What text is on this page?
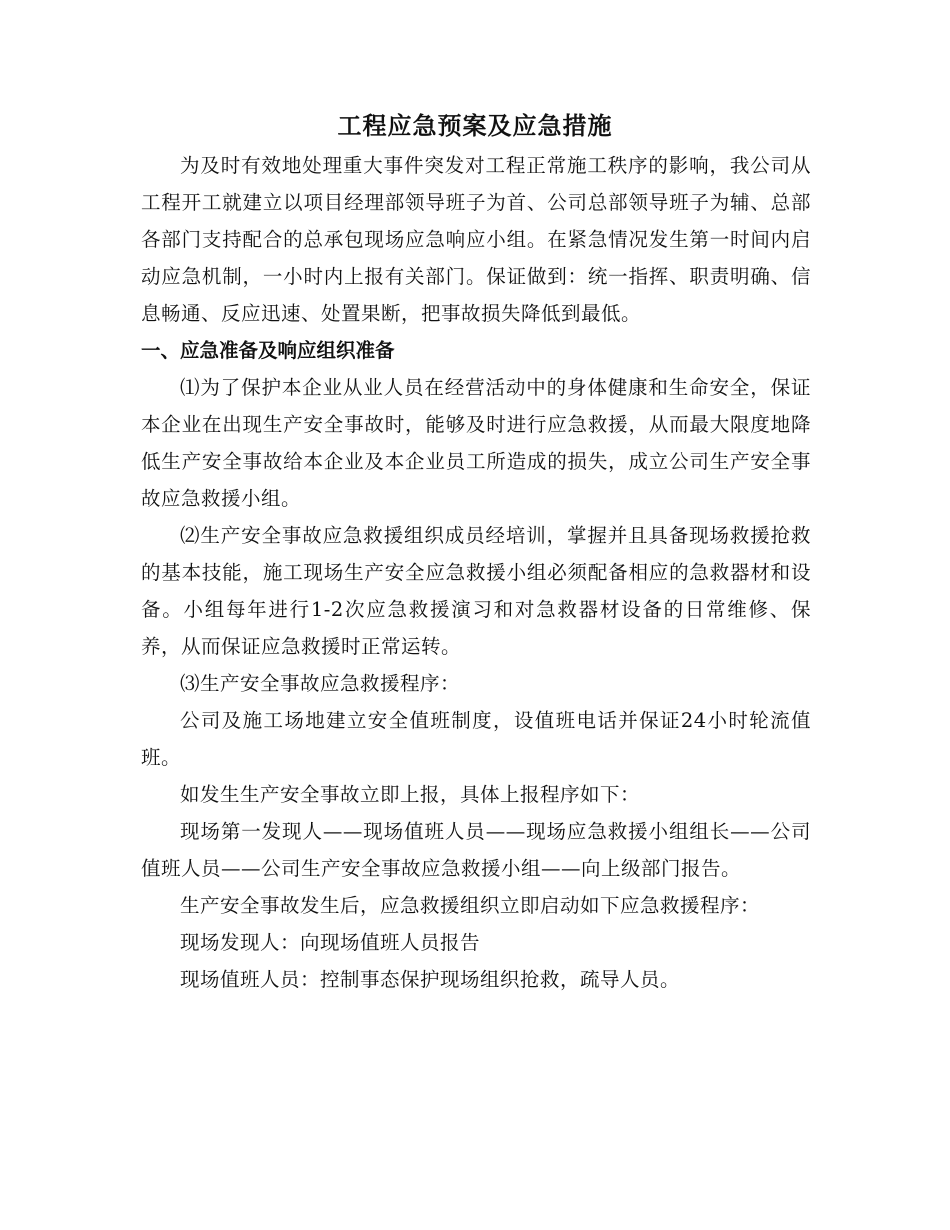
工程应急预案及应急措施

为及时有效地处理重大事件突发对工程正常施工秩序的影响，我公司从工程开工就建立以项目经理部领导班子为首、公司总部领导班子为辅、总部各部门支持配合的总承包现场应急响应小组。在紧急情况发生第一时间内启动应急机制，一小时内上报有关部门。保证做到：统一指挥、职责明确、信息畅通、反应迅速、处置果断，把事故损失降低到最低。

一、应急准备及响应组织准备

⑴为了保护本企业从业人员在经营活动中的身体健康和生命安全，保证本企业在出现生产安全事故时，能够及时进行应急救援，从而最大限度地降低生产安全事故给本企业及本企业员工所造成的损失，成立公司生产安全事故应急救援小组。

⑵生产安全事故应急救援组织成员经培训，掌握并且具备现场救援抢救的基本技能，施工现场生产安全应急救援小组必须配备相应的急救器材和设备。小组每年进行1-2次应急救援演习和对急救器材设备的日常维修、保养，从而保证应急救援时正常运转。

⑶生产安全事故应急救援程序：

公司及施工场地建立安全值班制度，设值班电话并保证24小时轮流值班。

如发生生产安全事故立即上报，具体上报程序如下：

现场第一发现人——现场值班人员——现场应急救援小组组长——公司值班人员——公司生产安全事故应急救援小组——向上级部门报告。

生产安全事故发生后，应急救援组织立即启动如下应急救援程序：

现场发现人：向现场值班人员报告

现场值班人员：控制事态保护现场组织抢救，疏导人员。
